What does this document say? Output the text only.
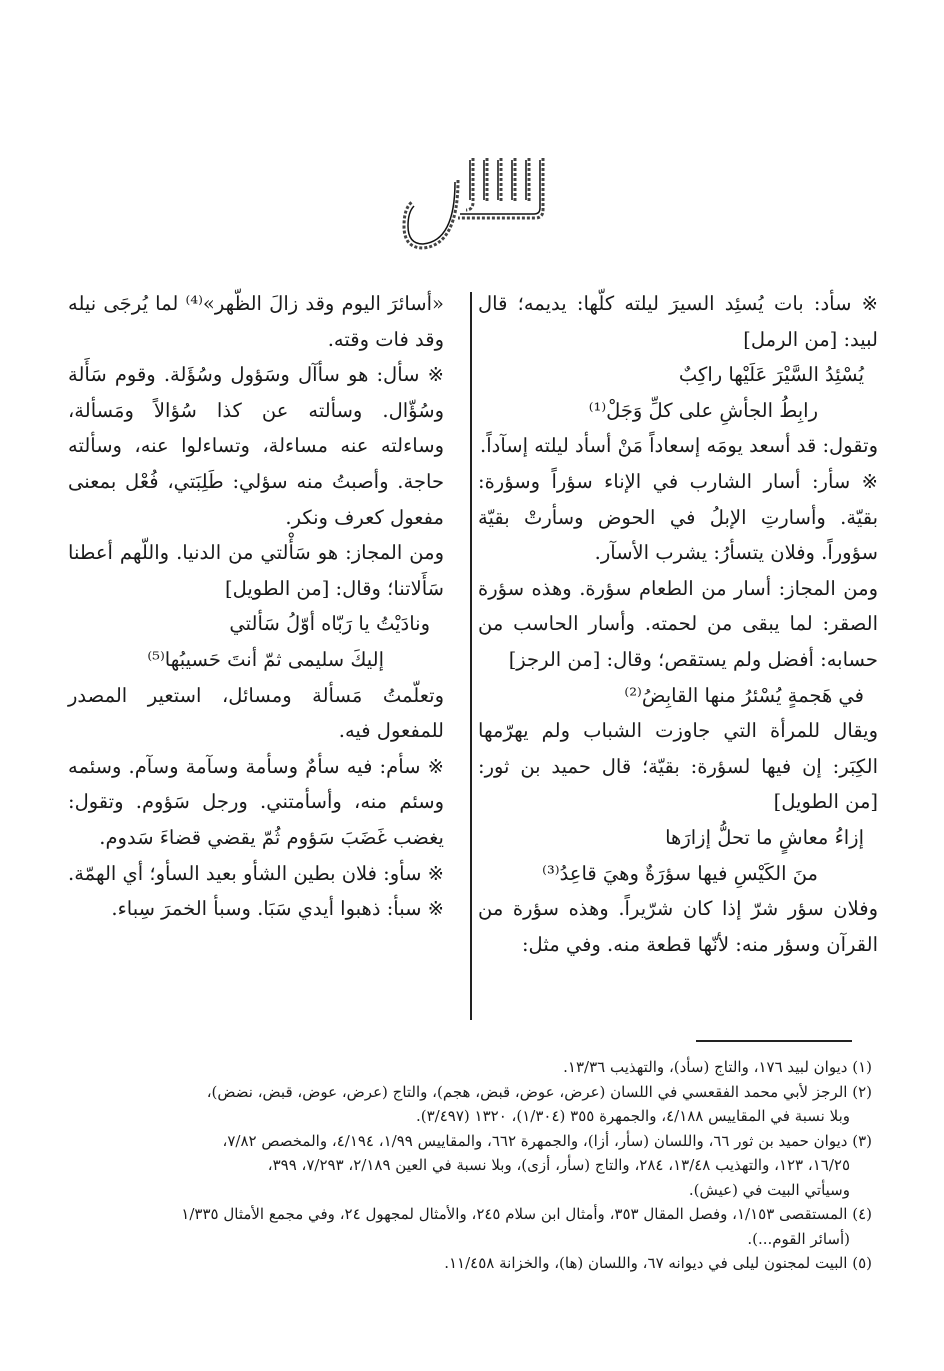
سين

※ سأد: بات يُسئِد السيرَ ليلته كلّها: يديمه؛ قال لبيد: [من الرمل]

يُسْئِدُ السَّيْرَ عَلَيْها راكِبٌ

رابِطُ الجأشِ على كلِّ وَجَلْ⁽¹⁾

وتقول: قد أسعد يومَه إسعاداً مَنْ أسأد ليلته إسآداً.

※ سأر: أسار الشارب في الإناء سؤراً وسؤرة: بقيّة. وأسارتِ الإبلُ في الحوض وسأرتْ بقيّة سؤوراً. وفلان يتسأرُ: يشرب الأسآر.

ومن المجاز: أسار من الطعام سؤرة. وهذه سؤرة الصقر: لما يبقى من لحمته. وأسار الحاسب من حسابه: أفضل ولم يستقص؛ وقال: [من الرجز]

في هَجمةٍ يُسْئرُ منها القابِضُ⁽²⁾

ويقال للمرأة التي جاوزت الشباب ولم يهرّمها الكِبَر: إن فيها لسؤرة: بقيّة؛ قال حميد بن ثور: [من الطويل]

إزاءُ معاشٍ ما تحلُّ إزارَها

منَ الكَيْسِ فيها سؤرَةٌ وهيَ قاعِدُ⁽³⁾

وفلان سؤر شرّ إذا كان شرّيراً. وهذه سؤرة من القرآن وسؤر منه: لأنّها قطعة منه. وفي مثل:

«أسائرَ اليوم وقد زالَ الظّهر»⁽⁴⁾ لما يُرجَى نيله وقد فات وقته.

※ سأل: هو سأآل وسَؤول وسُؤَلة. وقوم سَأَلة وسُؤّال. وسألته عن كذا سُؤالاً ومَسألة، وساءلته عنه مساءلة، وتساءلوا عنه، وسألته حاجة. وأصبتُ منه سؤلي: طَلِبَتي، فُعْل بمعنى مفعول كعرف ونكر.

ومن المجاز: هو سَأْلتي من الدنيا. واللّهم أعطنا سَأَلاتنا؛ وقال: [من الطويل]

ونادَيْتُ يا رَبّاه أوّلُ سَألتي

إليكَ سليمى ثمّ أنتَ حَسيبُها⁽⁵⁾

وتعلّمتُ مَسألة ومسائل، استعير المصدر للمفعول فيه.

※ سأم: فيه سأمٌ وسأمة وسآمة وسآم. وسئمه وسئم منه، وأسأمتني. ورجل سَؤوم. وتقول: يغضب غَضَبَ سَؤوم ثُمّ يقضي قضاءَ سَدوم.

※ سأو: فلان بطين الشأو بعيد السأو؛ أي الهمّة.

※ سبأ: ذهبوا أيدي سَبَا. وسبأ الخمرَ سِباء.

(١) ديوان لبيد ١٧٦، والتاج (سأد)، والتهذيب ١٣/٣٦.

(٢) الرجز لأبي محمد الفقعسي في اللسان (عرض، عوض، قبض، هجم)، والتاج (عرض، عوض، قبض، نضض)،

وبلا نسبة في المقاييس ٤/١٨٨، والجمهرة ٣٥٥ (١/٣٠٤)، ١٣٢٠ (٣/٤٩٧).

(٣) ديوان حميد بن ثور ٦٦، واللسان (سأر، أزا)، والجمهرة ٦٦٢، والمقاييس ١/٩٩، ٤/١٩٤، والمخصص ٧/٨٢،

١٦/٢٥، ١٢٣، والتهذيب ١٣/٤٨، ٢٨٤، والتاج (سأر، أزى)، وبلا نسبة في العين ٢/١٨٩، ٧/٢٩٣، ٣٩٩،

وسيأتي البيت في (عيش).

(٤) المستقصى ١/١٥٣، وفصل المقال ٣٥٣، وأمثال ابن سلام ٢٤٥، والأمثال لمجهول ٢٤، وفي مجمع الأمثال ١/٣٣٥

(أسائر القوم...).

(٥) البيت لمجنون ليلى في ديوانه ٦٧، واللسان (ها)، والخزانة ١١/٤٥٨.
